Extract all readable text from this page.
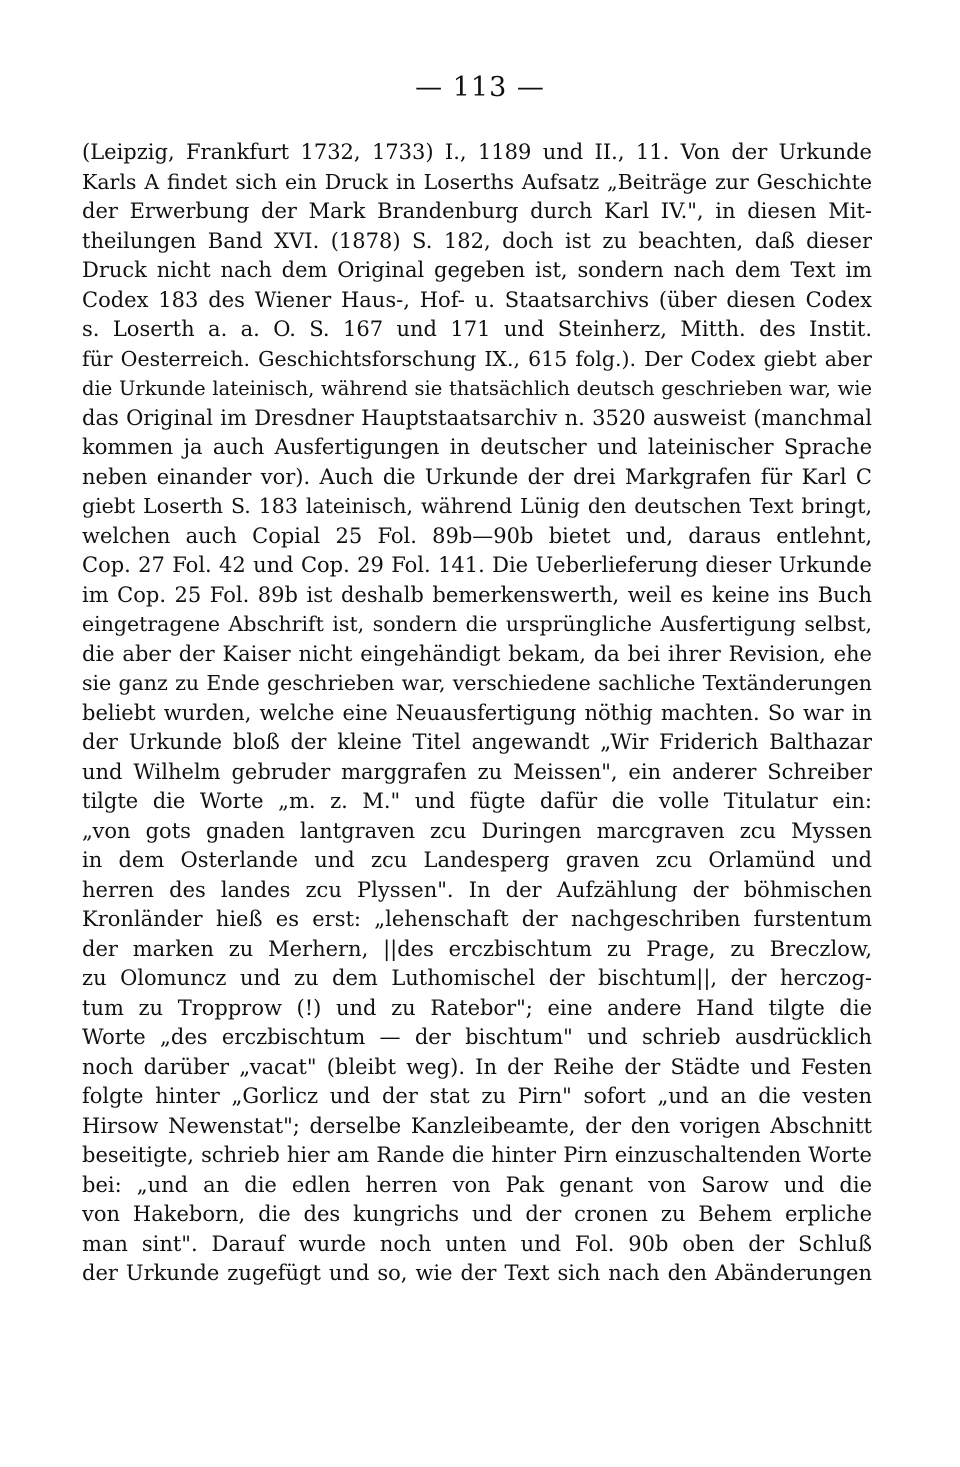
— 113 —
(Leipzig, Frankfurt 1732, 1733) I., 1189 und II., 11. Von der Urkunde
Karls A findet sich ein Druck in Loserths Aufsatz „Beiträge zur Geschichte
der Erwerbung der Mark Brandenburg durch Karl IV.", in diesen Mit-
theilungen Band XVI. (1878) S. 182, doch ist zu beachten, daß dieser
Druck nicht nach dem Original gegeben ist, sondern nach dem Text im
Codex 183 des Wiener Haus-, Hof- u. Staatsarchivs (über diesen Codex
s. Loserth a. a. O. S. 167 und 171 und Steinherz, Mitth. des Instit.
für Oesterreich. Geschichtsforschung IX., 615 folg.). Der Codex giebt aber
die Urkunde lateinisch, während sie thatsächlich deutsch geschrieben war, wie
das Original im Dresdner Hauptstaatsarchiv n. 3520 ausweist (manchmal
kommen ja auch Ausfertigungen in deutscher und lateinischer Sprache
neben einander vor). Auch die Urkunde der drei Markgrafen für Karl C
giebt Loserth S. 183 lateinisch, während Lünig den deutschen Text bringt,
welchen auch Copial 25 Fol. 89b—90b bietet und, daraus entlehnt,
Cop. 27 Fol. 42 und Cop. 29 Fol. 141. Die Ueberlieferung dieser Urkunde
im Cop. 25 Fol. 89b ist deshalb bemerkenswerth, weil es keine ins Buch
eingetragene Abschrift ist, sondern die ursprüngliche Ausfertigung selbst,
die aber der Kaiser nicht eingehändigt bekam, da bei ihrer Revision, ehe
sie ganz zu Ende geschrieben war, verschiedene sachliche Textänderungen
beliebt wurden, welche eine Neuausfertigung nöthig machten. So war in
der Urkunde bloß der kleine Titel angewandt „Wir Friderich Balthazar
und Wilhelm gebruder marggrafen zu Meissen", ein anderer Schreiber
tilgte die Worte „m. z. M." und fügte dafür die volle Titulatur ein:
„von gots gnaden lantgraven zcu Duringen marcgraven zcu Myssen
in dem Osterlande und zcu Landesperg graven zcu Orlamünd und
herren des landes zcu Plyssen". In der Aufzählung der böhmischen
Kronländer hieß es erst: „lehenschaft der nachgeschriben furstentum
der marken zu Merhern, ||des erczbischtum zu Prage, zu Breczlow,
zu Olomuncz und zu dem Luthomischel der bischtum||, der herczog-
tum zu Tropprow (!) und zu Ratebor"; eine andere Hand tilgte die
Worte „des erczbischtum — der bischtum" und schrieb ausdrücklich
noch darüber „vacat" (bleibt weg). In der Reihe der Städte und Festen
folgte hinter „Gorlicz und der stat zu Pirn" sofort „und an die vesten
Hirsow Newenstat"; derselbe Kanzleibeamte, der den vorigen Abschnitt
beseitigte, schrieb hier am Rande die hinter Pirn einzuschaltenden Worte
bei: „und an die edlen herren von Pak genant von Sarow und die
von Hakeborn, die des kungrichs und der cronen zu Behem erpliche
man sint". Darauf wurde noch unten und Fol. 90b oben der Schluß
der Urkunde zugefügt und so, wie der Text sich nach den Abänderungen
